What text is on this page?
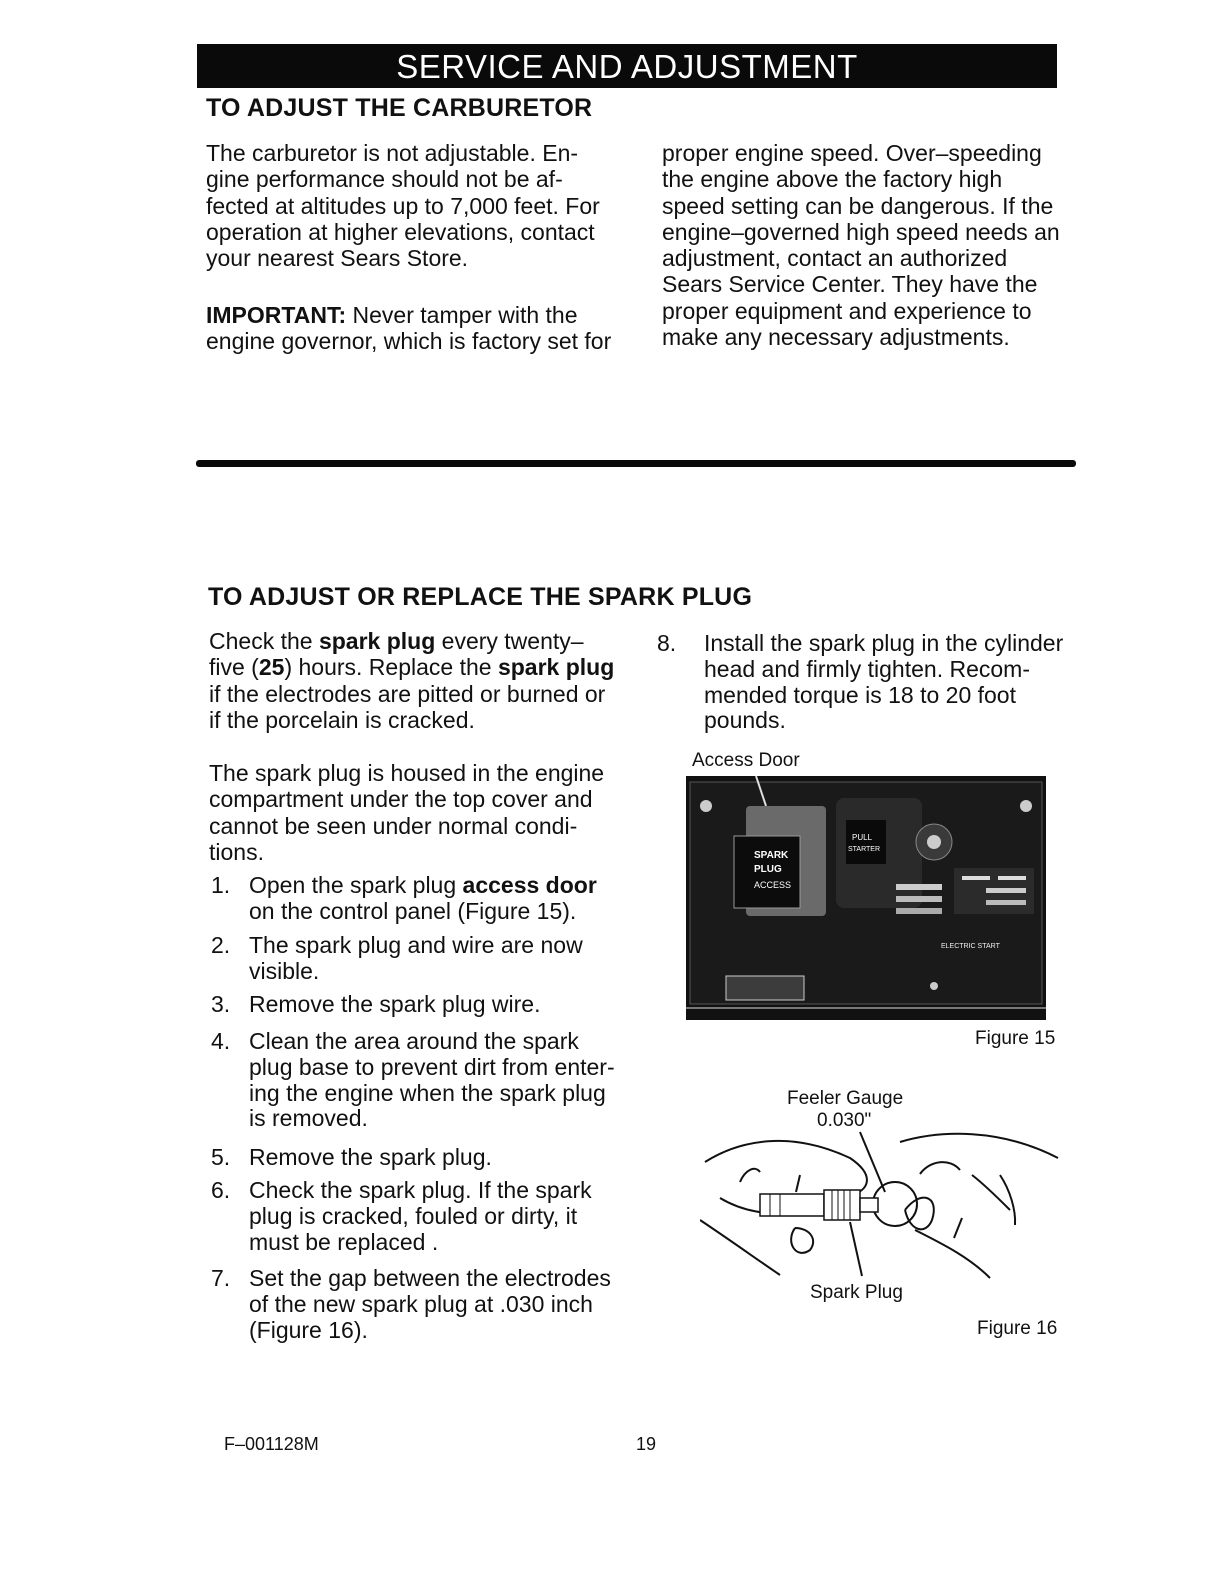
SERVICE AND ADJUSTMENT
TO ADJUST THE CARBURETOR

The carburetor is not adjustable. En-

gine performance should not be af-

fected at altitudes up to 7,000 feet. For

operation at higher elevations, contact

your nearest Sears Store.

IMPORTANT: Never tamper with the

engine governor, which is factory set for

proper engine speed. Over–speeding

the engine above the factory high

speed setting can be dangerous. If the

engine–governed high speed needs an

adjustment, contact an authorized

Sears Service Center. They have the

proper equipment and experience to

make any necessary adjustments.

TO ADJUST OR REPLACE THE SPARK PLUG

Check the spark plug every twenty–

five (25) hours. Replace the spark plug

if the electrodes are pitted or burned or

if the porcelain is cracked.

The spark plug is housed in the engine

compartment under the top cover and

cannot be seen under normal condi-

tions.

1. Open the spark plug access door
on the control panel (Figure 15).
2. The spark plug and wire are now
visible.
3. Remove the spark plug wire.
4. Clean the area around the spark
plug base to prevent dirt from enter-
ing the engine when the spark plug
is removed.
5. Remove the spark plug.
6. Check the spark plug. If the spark
plug is cracked, fouled or dirty, it
must be replaced .
7. Set the gap between the electrodes
of the new spark plug at .030 inch
(Figure 16).
8. Install the spark plug in the cylinder
head and firmly tighten. Recom-
mended torque is 18 to 20 foot
pounds.
Access Door
SPARK
PLUG
ACCESS
PULL
STARTER
ELECTRIC START
Figure 15
Feeler Gauge
0.030"
Spark Plug
Figure 16
F–001128M	19
